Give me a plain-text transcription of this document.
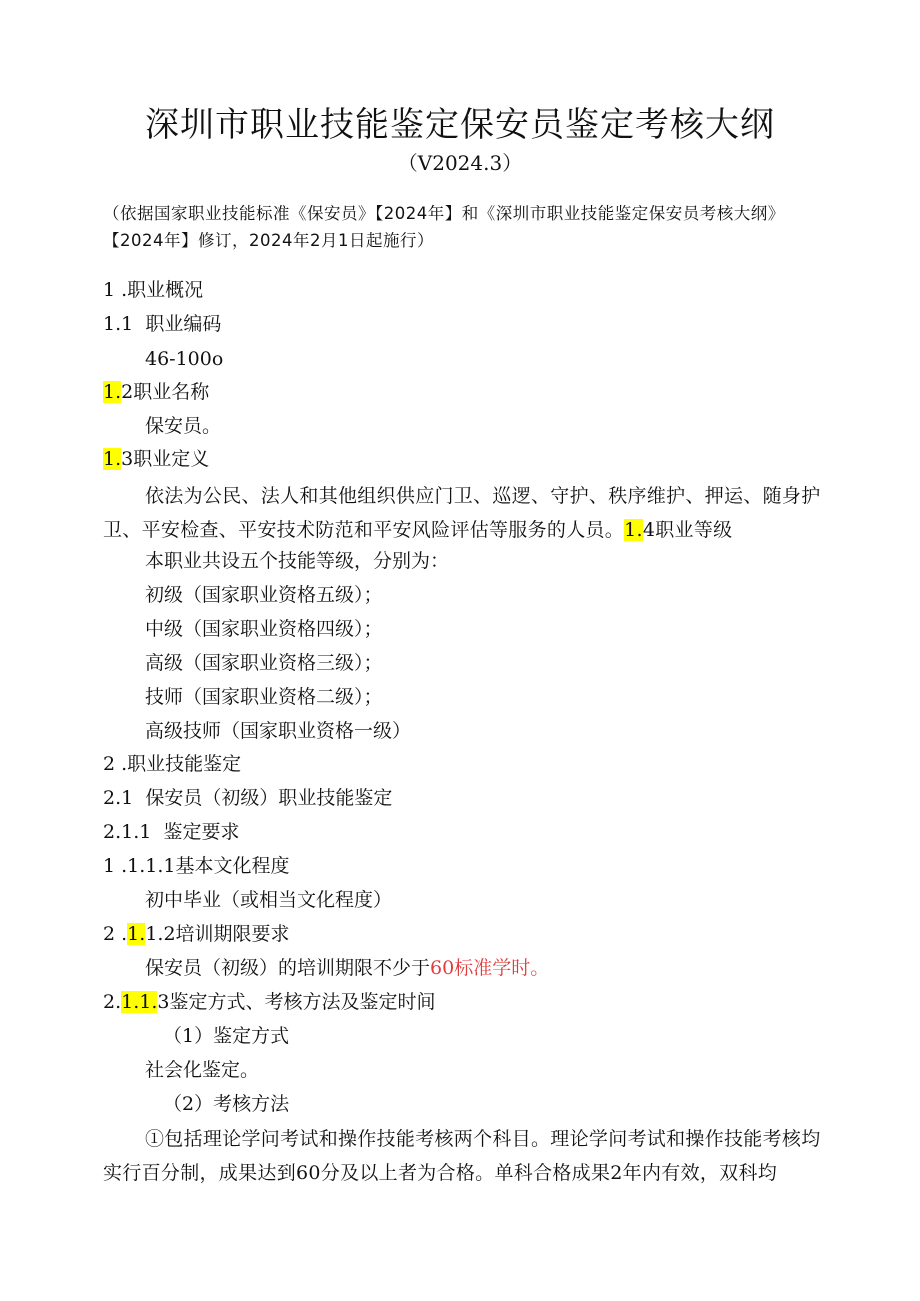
深圳市职业技能鉴定保安员鉴定考核大纲
（V2024.3）
（依据国家职业技能标准《保安员》【2024年】和《深圳市职业技能鉴定保安员考核大纲》【2024年】修订，2024年2月1日起施行）
1 .职业概况
1.1 职业编码
46-100o
1.2职业名称
保安员。
1.3职业定义
依法为公民、法人和其他组织供应门卫、巡逻、守护、秩序维护、押运、随身护卫、平安检查、平安技术防范和平安风险评估等服务的人员。1.4职业等级
本职业共设五个技能等级，分别为：
初级（国家职业资格五级）；
中级（国家职业资格四级）；
高级（国家职业资格三级）；
技师（国家职业资格二级）；
高级技师（国家职业资格一级）
2 .职业技能鉴定
2.1 保安员（初级）职业技能鉴定
2.1.1 鉴定要求
1 .1.1.1基本文化程度
初中毕业（或相当文化程度）
2 .1.1.2培训期限要求
保安员（初级）的培训期限不少于60标准学时。
2.1.1.3鉴定方式、考核方法及鉴定时间
（1）鉴定方式
社会化鉴定。
（2）考核方法
①包括理论学问考试和操作技能考核两个科目。理论学问考试和操作技能考核均实行百分制，成果达到60分及以上者为合格。单科合格成果2年内有效，双科均
